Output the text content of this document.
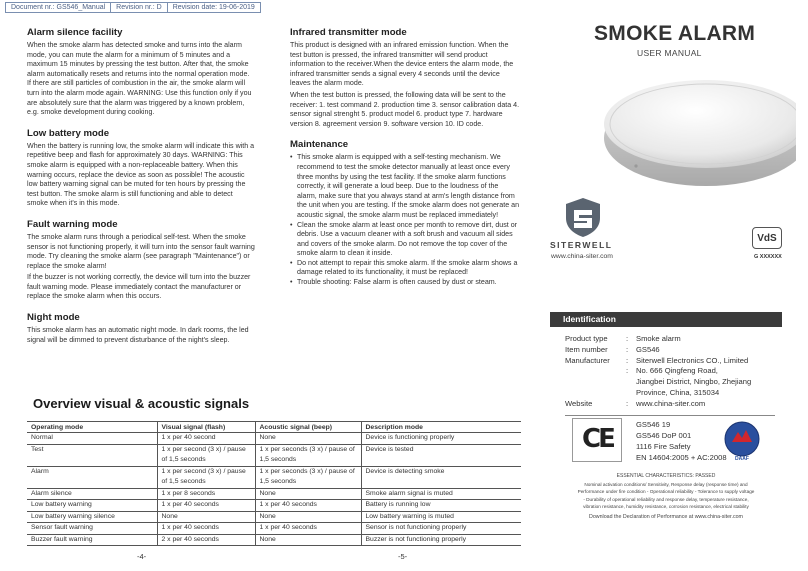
Document nr.: GS546_Manual	Revision nr.: D	Revision date: 19-06-2019
Alarm silence facility

When the smoke alarm has detected smoke and turns into the alarm mode, you can mute the alarm for a minimum of 5 minutes and a maximum 15 minutes by pressing the test button. After that, the smoke alarm automatically resets and returns into the normal operation mode. If there are still particles of combustion in the air, the smoke alarm will turn into the alarm mode again. WARNING: Use this function only if you are absolutely sure that the alarm was triggered by a known problem, e.g. smoke development during cooking.

Low battery mode

When the battery is running low, the smoke alarm will indicate this with a repetitive beep and flash for approximately 30 days. WARNING: This smoke alarm is equipped with a non-replaceable battery. When this warning occurs, replace the device as soon as possible! The acoustic low battery warning signal can be muted for ten hours by pressing the test button. The smoke alarm is still functioning and able to detect smoke when it's in this mode.

Fault warning mode

The smoke alarm runs through a periodical self-test. When the smoke sensor is not functioning properly, it will turn into the sensor fault warning mode. Try cleaning the smoke alarm (see paragraph "Maintenance") or replace the smoke alarm!

If the buzzer is not working correctly, the device will turn into the buzzer fault warning mode. Please immediately contact the manufacturer or replace the smoke alarm when this occurs.

Night mode

This smoke alarm has an automatic night mode. In dark rooms, the led signal will be dimmed to prevent disturbance of the night's sleep.

Infrared transmitter mode

This product is designed with an infrared emission function. When the test button is pressed, the infrared transmitter will send product information to the receiver.When the device enters the alarm mode, the infrared transmitter sends a signal every 4 seconds until the device leaves the alarm mode.

When the test button is pressed, the following data will be sent to the receiver: 1. test command 2. production time 3. sensor calibration data 4. sensor signal strenght 5. product model 6. product type 7. hardware version 8. agreement version 9. software version 10. ID code.

Maintenance
• This smoke alarm is equipped with a self-testing mechanism. We recommend to test the smoke detector manually at least once every three months by using the test facility. If the smoke alarm functions correctly, it will generate a loud beep. Due to the loudness of the alarm, make sure that you always stand at arm's length distance from the unit when you are testing. If the smoke alarm does not generate an acoustic signal, the smoke alarm must be replaced immediately!
• Clean the smoke alarm at least once per month to remove dirt, dust or debris. Use a vacuum cleaner with a soft brush and vacuum all sides and covers of the smoke alarm. Do not remove the top cover of the smoke alarm to clean it inside.
• Do not attempt to repair this smoke alarm. If the smoke alarm shows a damage related to its functionality, it must be replaced!
• Trouble shooting: False alarm is often caused by dust or steam.
Overview visual & acoustic signals
Operating mode	Visual signal (flash)	Acoustic signal (beep)	Description mode
Normal	1 x per 40 second	None	Device is functioning properly
Test	1 x per second (3 x) / pause of 1,5 seconds	1 x per seconds (3 x) / pause of 1,5 seconds	Device is tested
Alarm	1 x per second (3 x) / pause of 1,5 seconds	1 x per seconds (3 x) / pause of 1,5 seconds	Device is detecting smoke
Alarm silence	1 x per 8 seconds	None	Smoke alarm signal is muted
Low battery warning	1 x per 40 seconds	1 x per 40 seconds	Battery is running low
Low battery warning silence	None	None	Low battery warning is muted
Sensor fault warning	1 x per 40 seconds	1 x per 40 seconds	Sensor is not functioning properly
Buzzer fault warning	2 x per 40 seconds	None	Buzzer is not functioning properly
-4-	-5-
SMOKE ALARM
USER MANUAL
SITERWELL
www.china-siter.com
VdS
G XXXXXX
Identification
Product type	:	Smoke alarm
Item number	:	GS546
Manufacturer	:	Siterwell Electronics CO., Limited
:	No. 666 Qingfeng Road,
Jiangbei District, Ningbo, Zhejiang
Province, China, 315034
Website	:	www.china-siter.com
CE	GS546 19
GS546 DoP 001
1116 Fire Safety
EN 14604:2005 + AC:2008 DAAF
ESSENTIAL CHARACTERISTICS: PASSED
Nominal activation conditions/ Sensitivity, Response delay (response time) and
Performance under fire condition - Operational reliability - Tolerance to supply voltage
- Durability of operational reliability and response delay, temperature resistance,
vibration resistance, humidity resistance, corrosion resistance, electrical stability
Download the Declaration of Performance at www.china-siter.com
